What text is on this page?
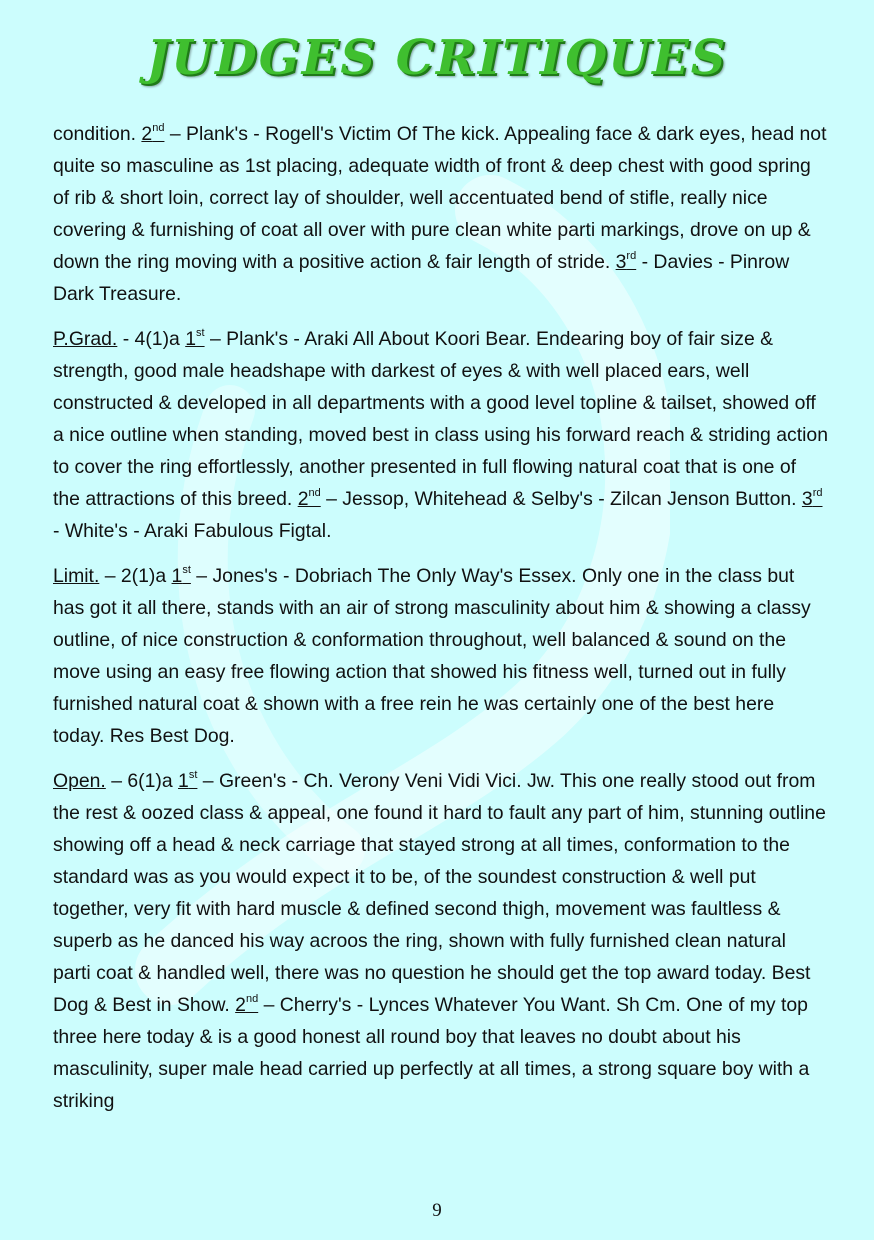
JUDGES CRITIQUES

condition. 2nd – Plank's - Rogell's Victim Of The kick. Appealing face & dark eyes, head not quite so masculine as 1st placing, adequate width of front & deep chest with good spring of rib & short loin, correct lay of shoulder, well accentuated bend of stifle, really nice covering & furnishing of coat all over with pure clean white parti markings, drove on up & down the ring moving with a positive action & fair length of stride. 3rd - Davies - Pinrow Dark Treasure.

P.Grad. - 4(1)a 1st – Plank's - Araki All About Koori Bear. Endearing boy of fair size & strength, good male headshape with darkest of eyes & with well placed ears, well constructed & developed in all departments with a good level topline & tailset, showed off a nice outline when standing, moved best in class using his forward reach & striding action to cover the ring effortlessly, another presented in full flowing natural coat that is one of the attractions of this breed. 2nd – Jessop, Whitehead & Selby's - Zilcan Jenson Button. 3rd - White's - Araki Fabulous Figtal.

Limit. – 2(1)a 1st – Jones's - Dobriach The Only Way's Essex. Only one in the class but has got it all there, stands with an air of strong masculinity about him & showing a classy outline, of nice construction & conformation throughout, well balanced & sound on the move using an easy free flowing action that showed his fitness well, turned out in fully furnished natural coat & shown with a free rein he was certainly one of the best here today. Res Best Dog.

Open. – 6(1)a 1st – Green's - Ch. Verony Veni Vidi Vici. Jw. This one really stood out from the rest & oozed class & appeal, one found it hard to fault any part of him, stunning outline showing off a head & neck carriage that stayed strong at all times, conformation to the standard was as you would expect it to be, of the soundest construction & well put together, very fit with hard muscle & defined second thigh, movement was faultless & superb as he danced his way acroos the ring, shown with fully furnished clean natural parti coat & handled well, there was no question he should get the top award today. Best Dog & Best in Show. 2nd – Cherry's - Lynces Whatever You Want. Sh Cm. One of my top three here today & is a good honest all round boy that leaves no doubt about his masculinity, super male head carried up perfectly at all times, a strong square boy with a striking

9
